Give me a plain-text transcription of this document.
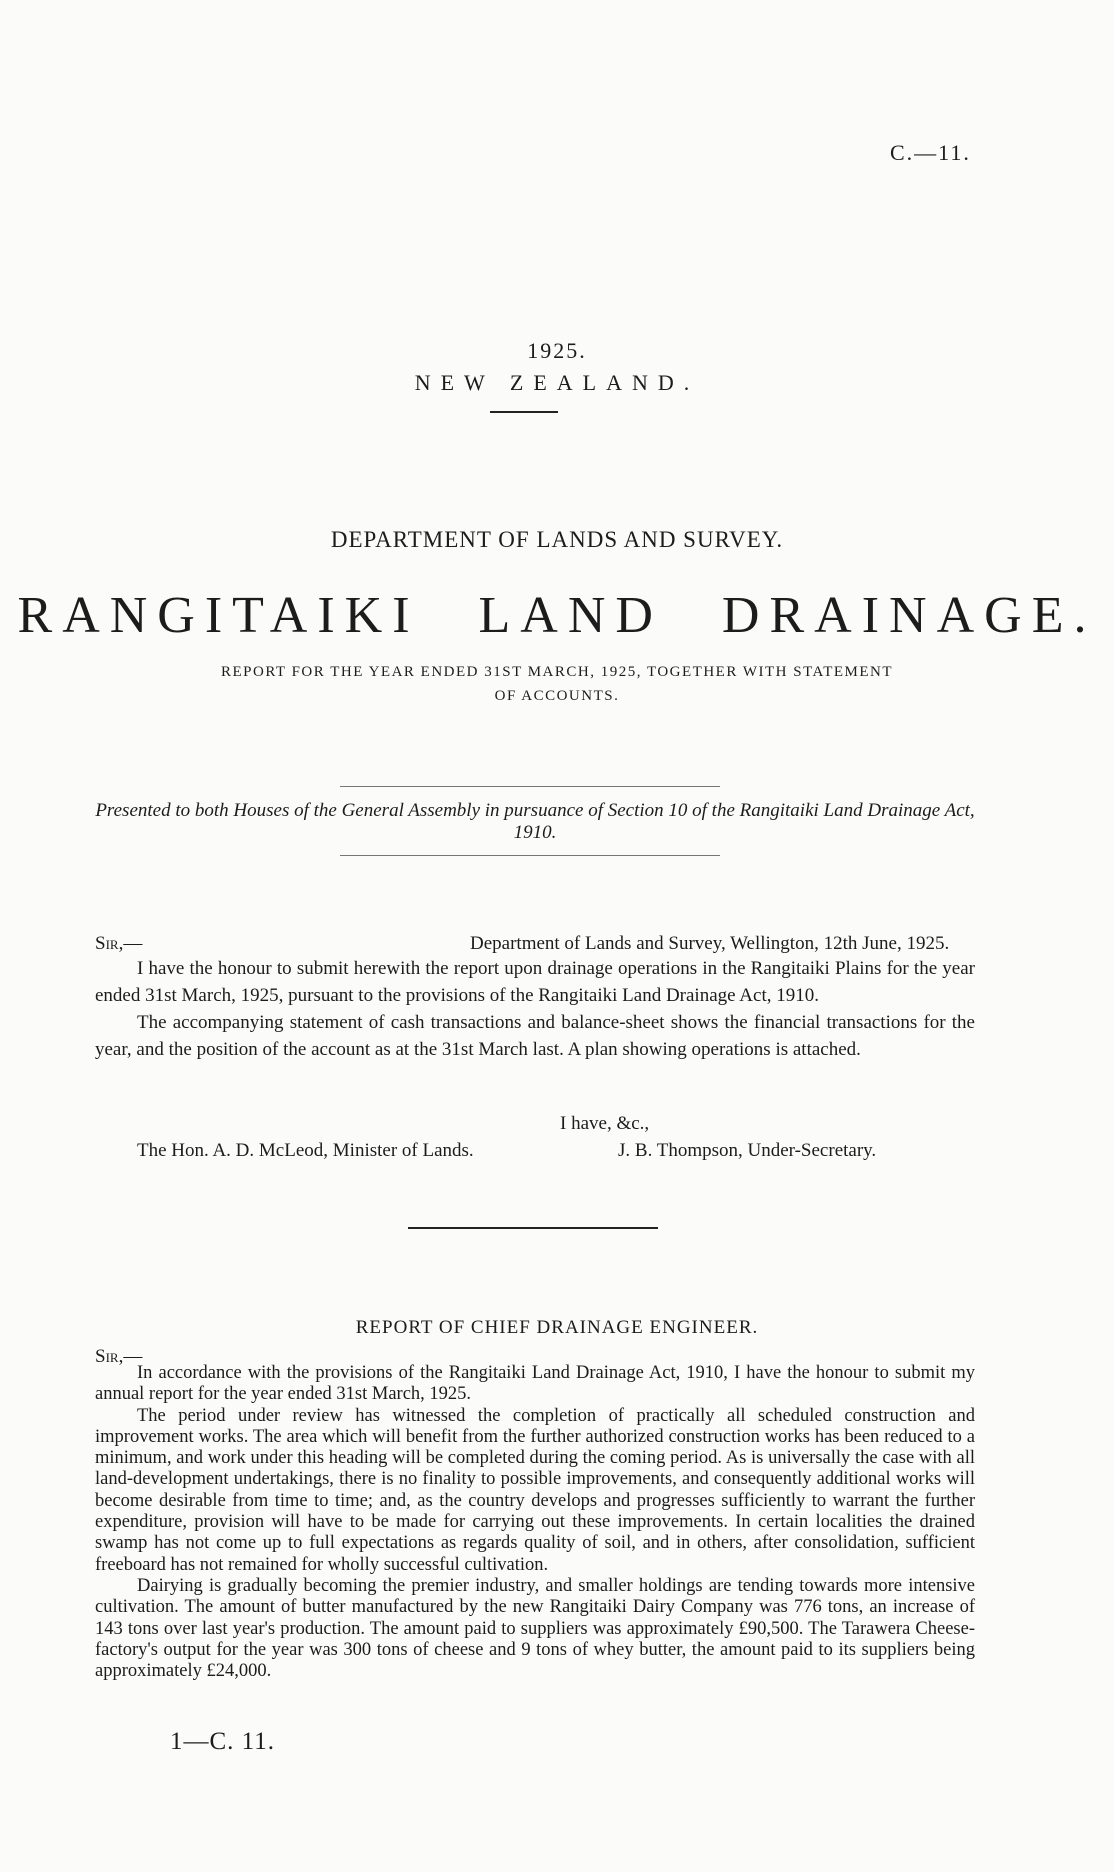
C.—11.
1925.
NEW ZEALAND.
DEPARTMENT OF LANDS AND SURVEY.
RANGITAIKI LAND DRAINAGE.
REPORT FOR THE YEAR ENDED 31ST MARCH, 1925, TOGETHER WITH STATEMENT
OF ACCOUNTS.
Presented to both Houses of the General Assembly in pursuance of Section 10 of the Rangitaiki Land Drainage Act, 1910.
Sir,—	Department of Lands and Survey, Wellington, 12th June, 1925.

I have the honour to submit herewith the report upon drainage operations in the Rangitaiki Plains for the year ended 31st March, 1925, pursuant to the provisions of the Rangitaiki Land Drainage Act, 1910.

The accompanying statement of cash transactions and balance-sheet shows the financial transactions for the year, and the position of the account as at the 31st March last. A plan showing operations is attached.

I have, &c.,
The Hon. A. D. McLeod, Minister of Lands.	J. B. Thompson, Under-Secretary.
REPORT OF CHIEF DRAINAGE ENGINEER.
Sir,—

In accordance with the provisions of the Rangitaiki Land Drainage Act, 1910, I have the honour to submit my annual report for the year ended 31st March, 1925.

The period under review has witnessed the completion of practically all scheduled construction and improvement works. The area which will benefit from the further authorized construction works has been reduced to a minimum, and work under this heading will be completed during the coming period. As is universally the case with all land-development undertakings, there is no finality to possible improvements, and consequently additional works will become desirable from time to time; and, as the country develops and progresses sufficiently to warrant the further expenditure, provision will have to be made for carrying out these improvements. In certain localities the drained swamp has not come up to full expectations as regards quality of soil, and in others, after consolidation, sufficient freeboard has not remained for wholly successful cultivation.

Dairying is gradually becoming the premier industry, and smaller holdings are tending towards more intensive cultivation. The amount of butter manufactured by the new Rangitaiki Dairy Company was 776 tons, an increase of 143 tons over last year's production. The amount paid to suppliers was approximately £90,500. The Tarawera Cheese-factory's output for the year was 300 tons of cheese and 9 tons of whey butter, the amount paid to its suppliers being approximately £24,000.

1—C. 11.
